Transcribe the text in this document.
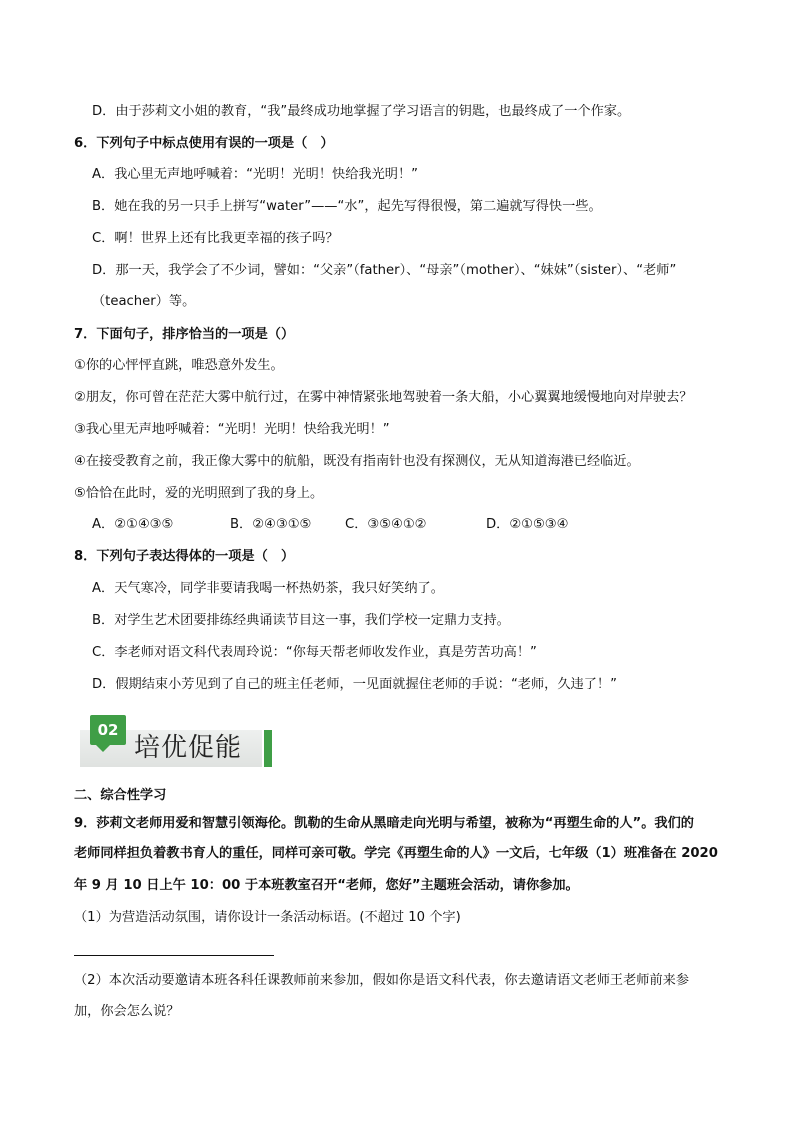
D．由于莎莉文小姐的教育，“我”最终成功地掌握了学习语言的钥匙，也最终成了一个作家。
6．下列句子中标点使用有误的一项是（　）
A．我心里无声地呼喊着：“光明！光明！快给我光明！”
B．她在我的另一只手上拼写“water”——“水”，起先写得很慢，第二遍就写得快一些。
C．啊！世界上还有比我更幸福的孩子吗？
D．那一天，我学会了不少词，譬如：“父亲”（father）、“母亲”（mother）、“妹妹”（sister）、“老师”
（teacher）等。
7．下面句子，排序恰当的一项是（）
①你的心怦怦直跳，唯恐意外发生。
②朋友，你可曾在茫茫大雾中航行过，在雾中神情紧张地驾驶着一条大船，小心翼翼地缓慢地向对岸驶去？
③我心里无声地呼喊着：“光明！光明！快给我光明！”
④在接受教育之前，我正像大雾中的航船，既没有指南针也没有探测仪，无从知道海港已经临近。
⑤恰恰在此时，爱的光明照到了我的身上。
A．②①④③⑤	B．②④③①⑤	C．③⑤④①②	D．②①⑤③④
8．下列句子表达得体的一项是（　）
A．天气寒冷，同学非要请我喝一杯热奶茶，我只好笑纳了。
B．对学生艺术团要排练经典诵读节目这一事，我们学校一定鼎力支持。
C．李老师对语文科代表周玲说：“你每天帮老师收发作业，真是劳苦功高！”
D．假期结束小芳见到了自己的班主任老师，一见面就握住老师的手说：“老师，久违了！”
02
培优促能
二、综合性学习
9．莎莉文老师用爱和智慧引领海伦。凯勒的生命从黑暗走向光明与希望，被称为“再塑生命的人”。我们的
老师同样担负着教书育人的重任，同样可亲可敬。学完《再塑生命的人》一文后，七年级（1）班准备在 2020
年 9 月 10 日上午 10：00 于本班教室召开“老师，您好”主题班会活动，请你参加。
（1）为营造活动氛围，请你设计一条活动标语。(不超过 10 个字)
（2）本次活动要邀请本班各科任课教师前来参加，假如你是语文科代表，你去邀请语文老师王老师前来参
加，你会怎么说？
